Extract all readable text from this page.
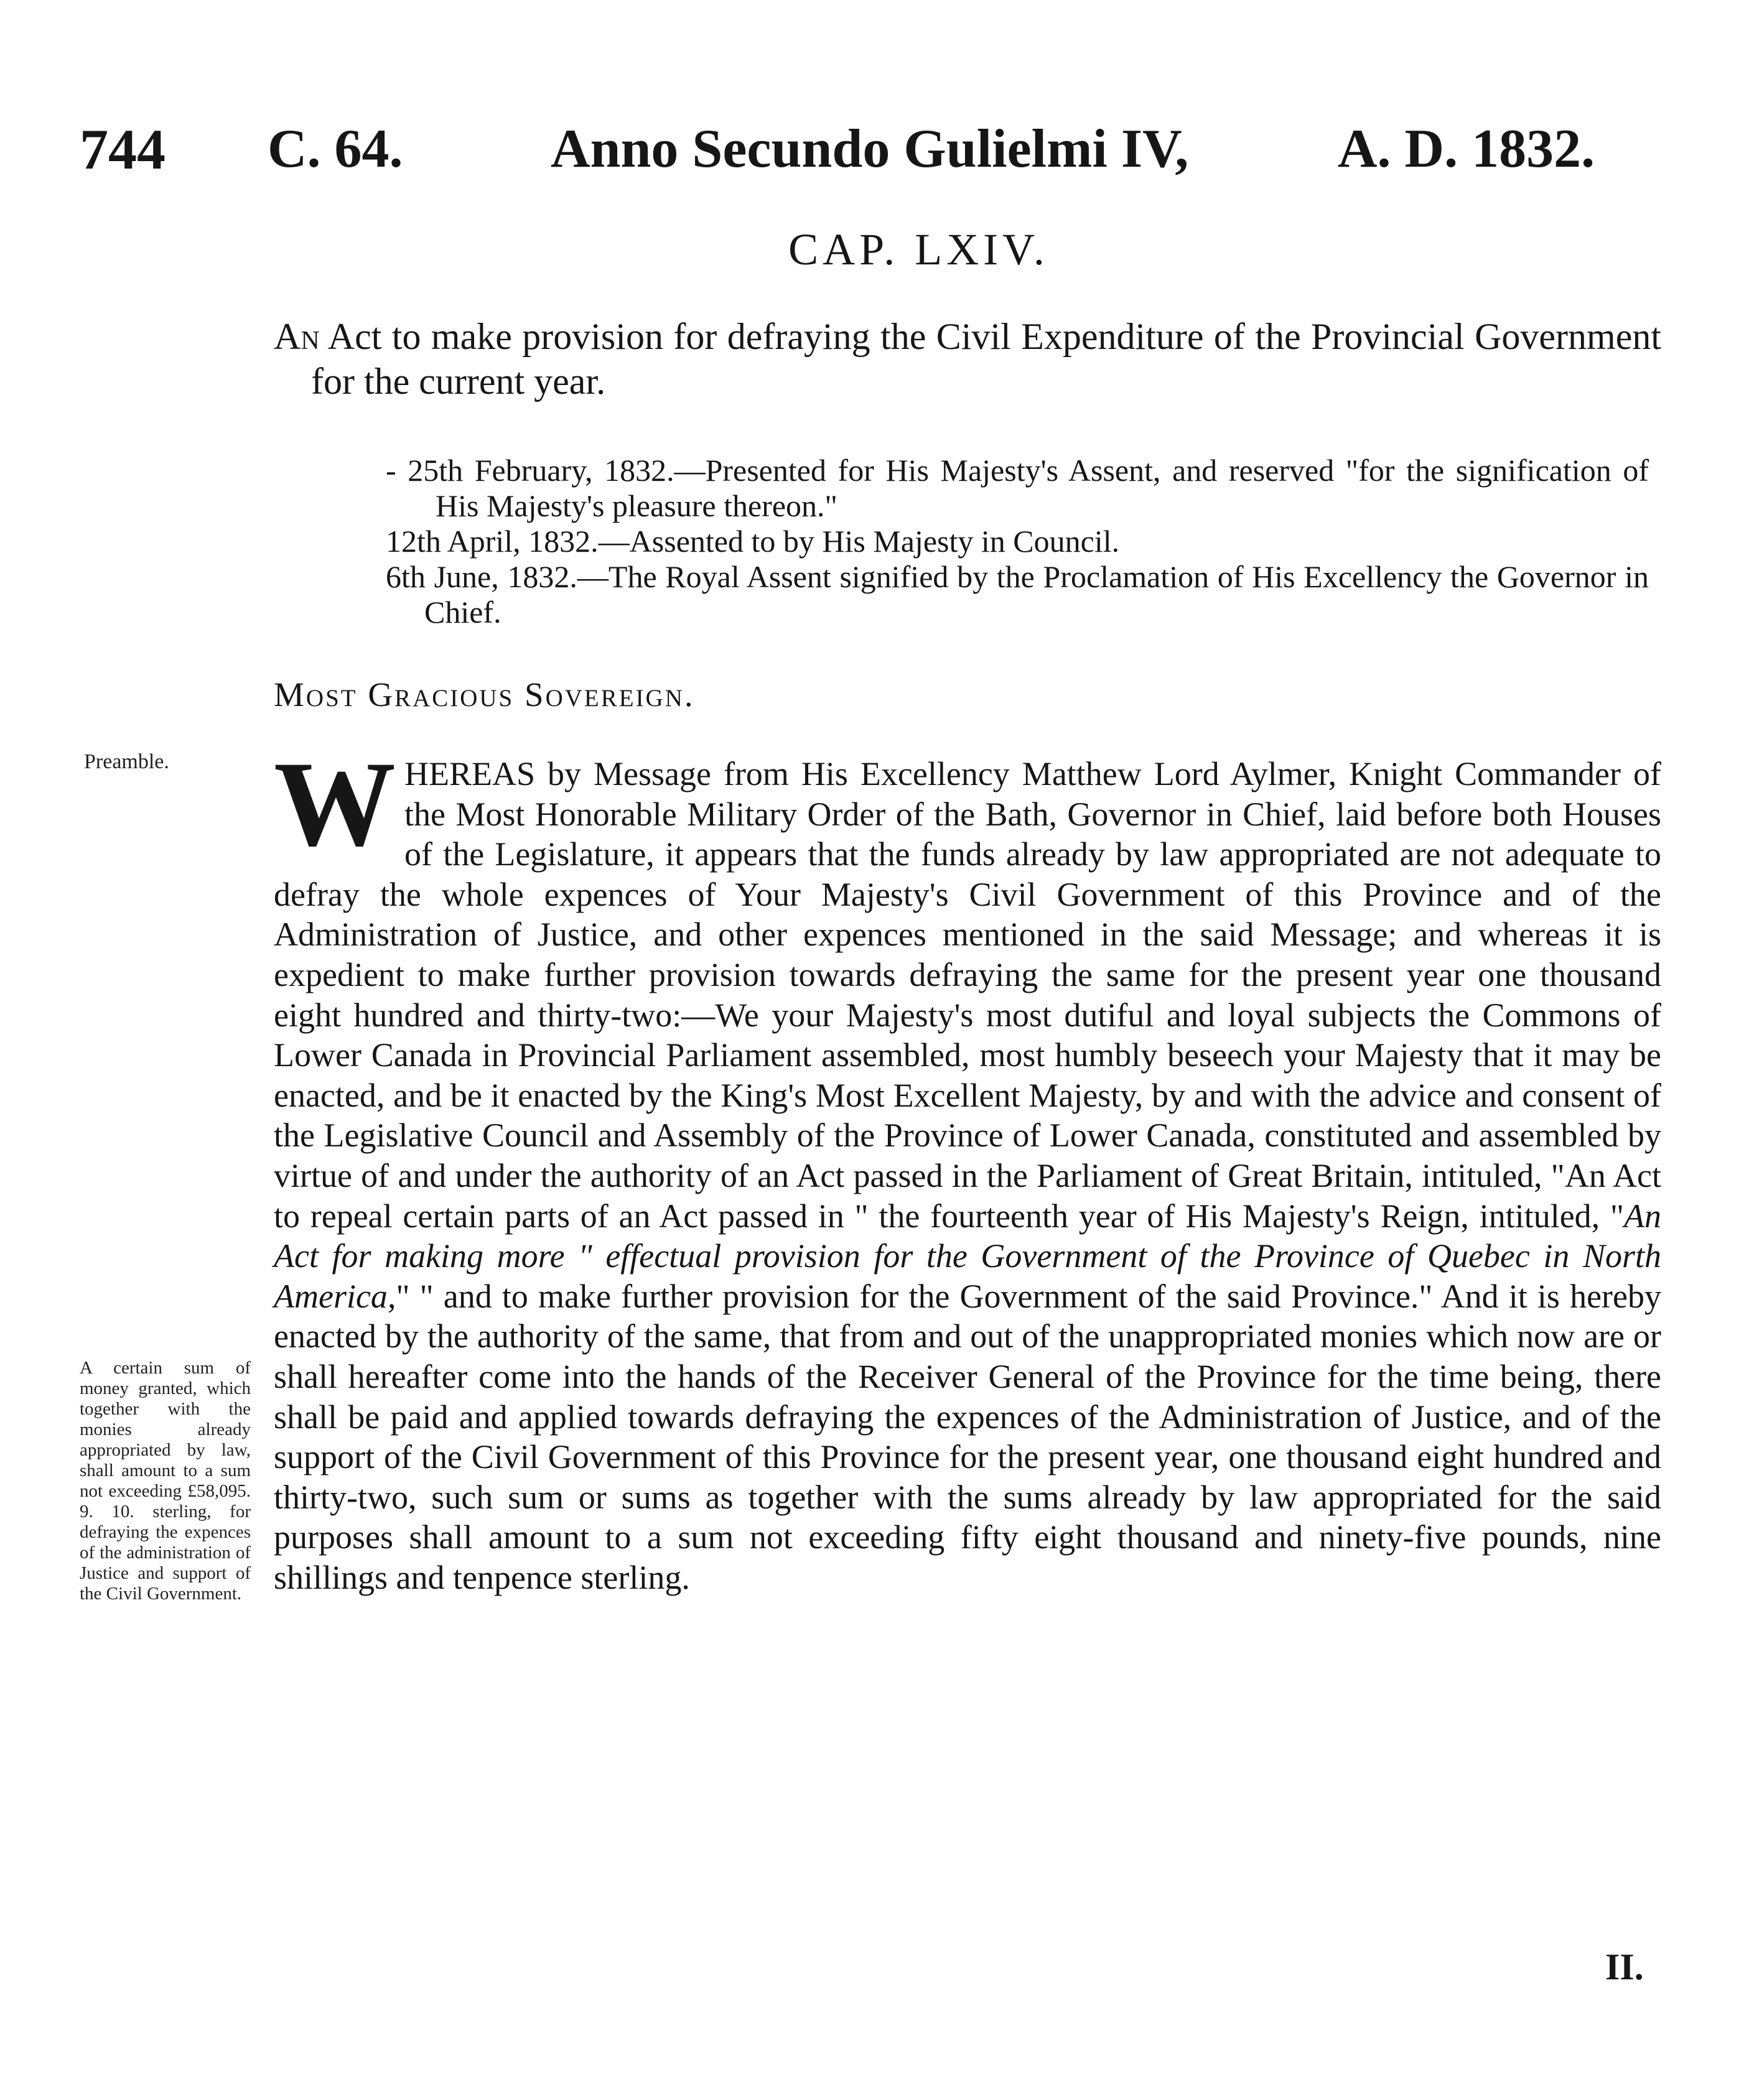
744 C. 64.	Anno Secundo Gulielmi IV,	A. D. 1832.
CAP. LXIV.
An Act to make provision for defraying the Civil Expenditure of the Provincial Government for the current year.

- 25th February, 1832.—Presented for His Majesty's Assent, and reserved "for the signification of His Majesty's pleasure thereon."

12th April, 1832.—Assented to by His Majesty in Council.

6th June, 1832.—The Royal Assent signified by the Proclamation of His Excellency the Governor in Chief.

Most Gracious Sovereign.
Preamble.
A certain sum of money granted, which together with the monies already appropriated by law, shall amount to a sum not exceeding £58,095. 9. 10. sterling, for defraying the expences of the administration of Justice and support of the Civil Government.
WHEREAS by Message from His Excellency Matthew Lord Aylmer, Knight Commander of the Most Honorable Military Order of the Bath, Governor in Chief, laid before both Houses of the Legislature, it appears that the funds already by law appropriated are not adequate to defray the whole expences of Your Majesty's Civil Government of this Province and of the Administration of Justice, and other expences mentioned in the said Message; and whereas it is expedient to make further provision towards defraying the same for the present year one thousand eight hundred and thirty-two:—We your Majesty's most dutiful and loyal subjects the Commons of Lower Canada in Provincial Parliament assembled, most humbly beseech your Majesty that it may be enacted, and be it enacted by the King's Most Excellent Majesty, by and with the advice and consent of the Legislative Council and Assembly of the Province of Lower Canada, constituted and assembled by virtue of and under the authority of an Act passed in the Parliament of Great Britain, intituled, "An Act to repeal certain parts of an Act passed in " the fourteenth year of His Majesty's Reign, intituled, "An Act for making more " effectual provision for the Government of the Province of Quebec in North America," " and to make further provision for the Government of the said Province." And it is hereby enacted by the authority of the same, that from and out of the unappropriated monies which now are or shall hereafter come into the hands of the Receiver General of the Province for the time being, there shall be paid and applied towards defraying the expences of the Administration of Justice, and of the support of the Civil Government of this Province for the present year, one thousand eight hundred and thirty-two, such sum or sums as together with the sums already by law appropriated for the said purposes shall amount to a sum not exceeding fifty eight thousand and ninety-five pounds, nine shillings and tenpence sterling.
II.
